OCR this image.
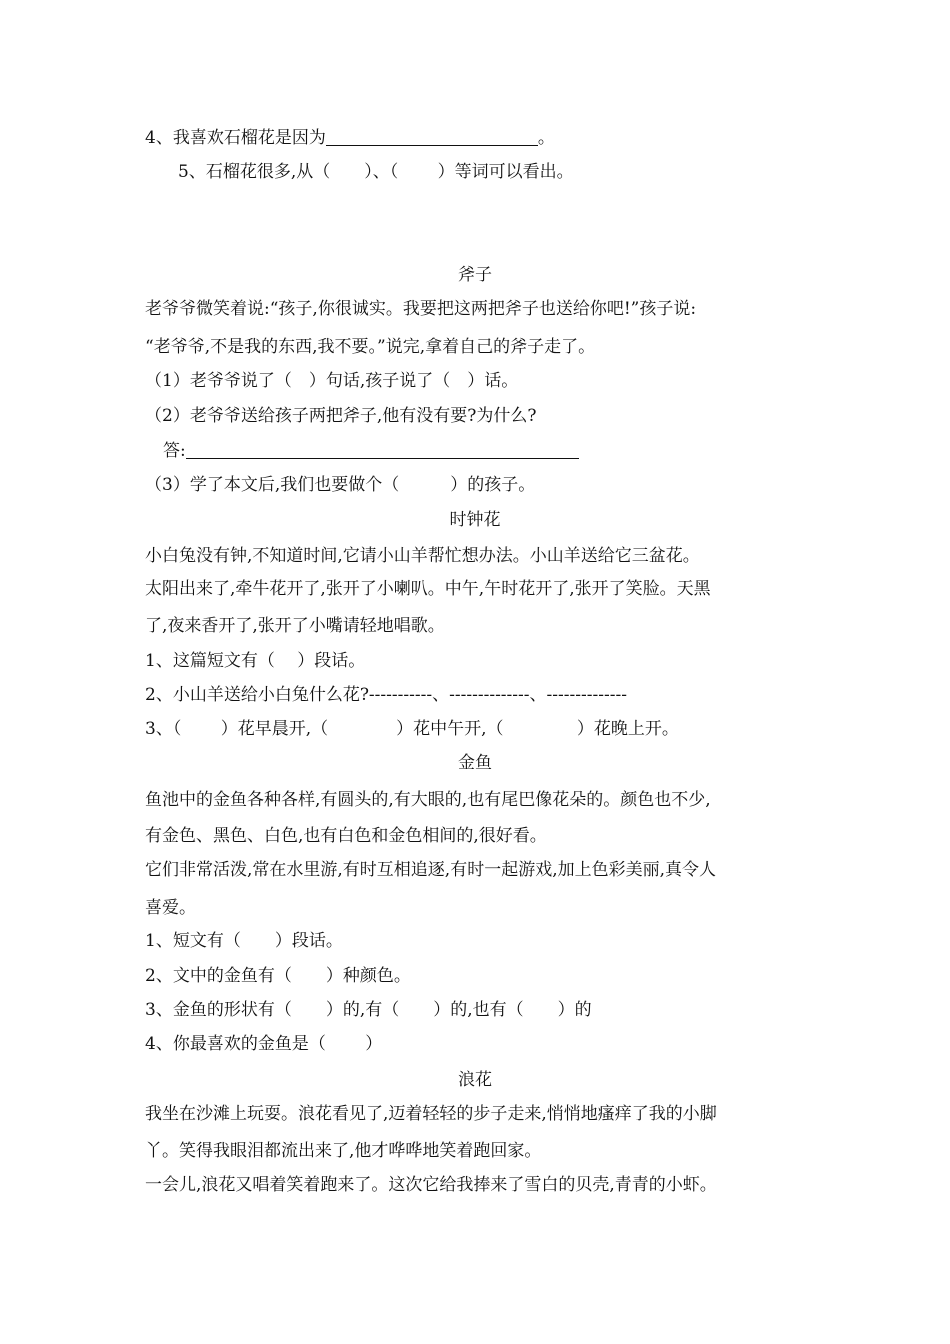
4、我喜欢石榴花是因为	。
5、石榴花很多,从（　　）、（　　 ）等词可以看出。
斧子
老爷爷微笑着说:“孩子,你很诚实。我要把这两把斧子也送给你吧!”孩子说:
“老爷爷,不是我的东西,我不要。”说完,拿着自己的斧子走了。
（1）老爷爷说了（　）句话,孩子说了（　）话。
（2）老爷爷送给孩子两把斧子,他有没有要?为什么?
答:
（3）学了本文后,我们也要做个（　　　）的孩子。
时钟花
小白兔没有钟,不知道时间,它请小山羊帮忙想办法。小山羊送给它三盆花。
太阳出来了,牵牛花开了,张开了小喇叭。中午,午时花开了,张开了笑脸。天黑
了,夜来香开了,张开了小嘴请轻地唱歌。
1、这篇短文有（　 ）段话。
2、小山羊送给小白兔什么花?-----------、--------------、--------------
3、（　　 ）花早晨开,（　　　　）花中午开,（　　　　 ）花晚上开。
金鱼
鱼池中的金鱼各种各样,有圆头的,有大眼的,也有尾巴像花朵的。颜色也不少,
有金色、黑色、白色,也有白色和金色相间的,很好看。
它们非常活泼,常在水里游,有时互相追逐,有时一起游戏,加上色彩美丽,真令人
喜爱。
1、短文有（　　）段话。
2、文中的金鱼有（　　）种颜色。
3、金鱼的形状有（　　）的,有（　　）的,也有（　　）的
4、你最喜欢的金鱼是（　　 ）
浪花
我坐在沙滩上玩耍。浪花看见了,迈着轻轻的步子走来,悄悄地瘙痒了我的小脚
丫。笑得我眼泪都流出来了,他才哗哗地笑着跑回家。
一会儿,浪花又唱着笑着跑来了。这次它给我捧来了雪白的贝壳,青青的小虾。
